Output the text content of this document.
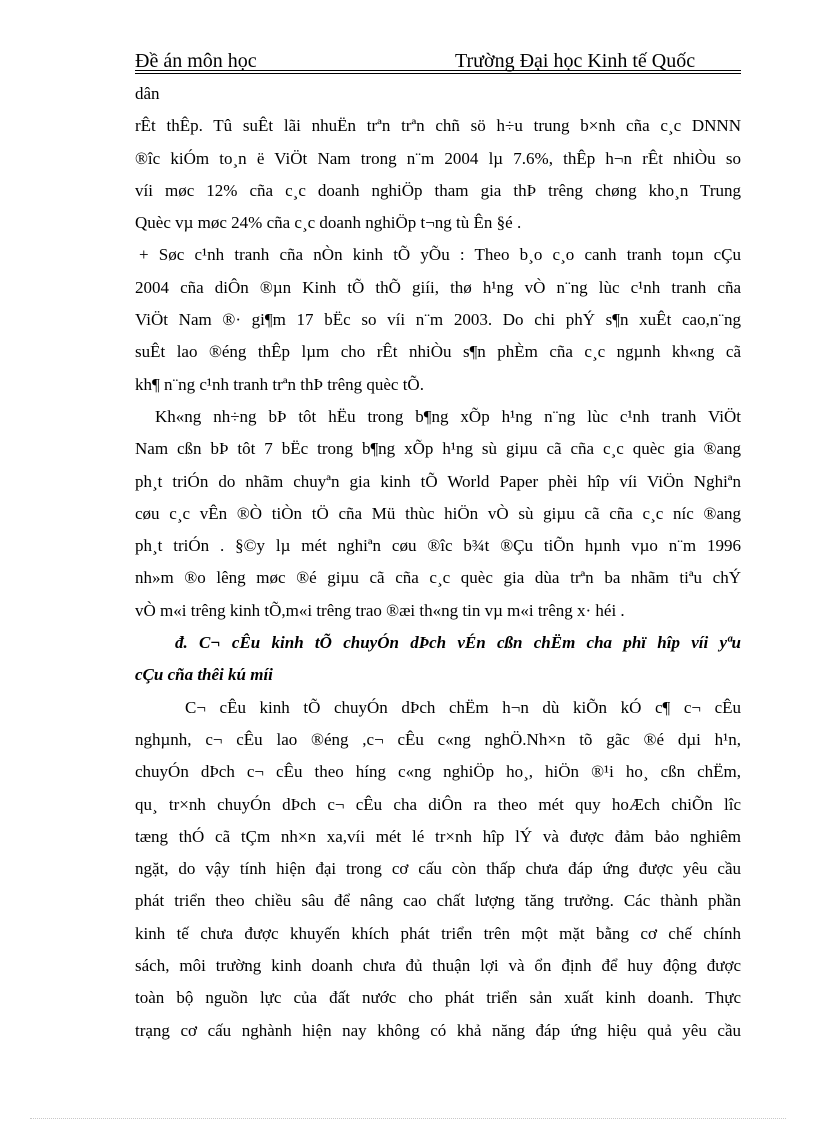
Đề án môn học	Trường Đại học Kinh tế Quốc
dân
rÊt thÊp. Tû suÊt lãi nhuËn trªn trªn chñ sö h÷u trung b×nh cña c¸c DNNN
®îc kiÓm to¸n ë ViÖt Nam trong n¨m 2004 lµ 7.6%, thÊp h¬n rÊt nhiÒu so
víi møc 12% cña c¸c doanh nghiÖp tham gia thÞ trêng chøng kho¸n Trung
Quèc vµ møc 24% cña c¸c doanh nghiÖp t¬ng tù Ên §é .
+ Søc c¹nh tranh cña nÒn kinh tÕ yÕu : Theo b¸o c¸o canh tranh toµn cÇu
2004 cña diÔn ®µn Kinh tÕ thÕ giíi, thø h¹ng vÒ n¨ng lùc c¹nh tranh cña
ViÖt Nam ®· gi¶m 17 bËc so víi n¨m 2003. Do chi phÝ s¶n xuÊt cao,n¨ng
suÊt lao ®éng thÊp lµm cho rÊt nhiÒu s¶n phÈm cña c¸c ngµnh kh«ng cã
kh¶ n¨ng c¹nh tranh trªn thÞ trêng quèc tÕ.
Kh«ng nh÷ng bÞ tôt hËu trong b¶ng xÕp h¹ng n¨ng lùc c¹nh tranh ViÖt
Nam cßn bÞ tôt 7 bËc trong b¶ng xÕp h¹ng sù giµu cã cña c¸c quèc gia ®ang
ph¸t triÓn do nhãm chuyªn gia kinh tÕ World Paper phèi hîp víi ViÖn Nghiªn
cøu c¸c vÊn ®Ò tiÒn tÖ cña Mü thùc hiÖn vÒ sù giµu cã cña c¸c níc ®ang
ph¸t triÓn . §©y lµ mét nghiªn cøu ®îc b¾t ®Çu tiÕn hµnh vµo n¨m 1996
nh»m ®o lêng møc ®é giµu cã cña c¸c quèc gia dùa trªn ba nhãm tiªu chÝ
vÒ m«i trêng kinh tÕ,m«i trêng trao ®æi th«ng tin vµ m«i trêng x· héi .
đ. C¬ cÊu kinh tÕ chuyÓn dÞch vÉn cßn chËm cha phï hîp víi yªu
cÇu cña thêi kú míi
C¬ cÊu kinh tÕ chuyÓn dÞch chËm h¬n dù kiÕn kÓ c¶ c¬ cÊu
nghµnh, c¬ cÊu lao ®éng ,c¬ cÊu c«ng nghÖ.Nh×n tõ gãc ®é dµi h¹n,
chuyÓn dÞch c¬ cÊu theo híng c«ng nghiÖp ho¸, hiÖn ®¹i ho¸ cßn chËm,
qu¸ tr×nh chuyÓn dÞch c¬ cÊu cha diÔn ra theo mét quy hoÆch chiÕn lîc
tæng thÓ cã tÇm nh×n xa,víi mét lé tr×nh hîp lÝ và được đảm bảo nghiêm
ngặt, do vậy tính hiện đại trong cơ cấu còn thấp chưa đáp ứng được yêu cầu
phát triển theo chiều sâu để nâng cao chất lượng tăng trưởng. Các thành phần
kinh tế chưa được khuyến khích phát triển trên một mặt bằng cơ chế chính
sách, môi trường kinh doanh chưa đủ thuận lợi và ổn định để huy động được
toàn bộ nguồn lực của đất nước cho phát triển sản xuất kinh doanh. Thực
trạng cơ cấu nghành hiện nay không có khả năng đáp ứng hiệu quả yêu cầu
